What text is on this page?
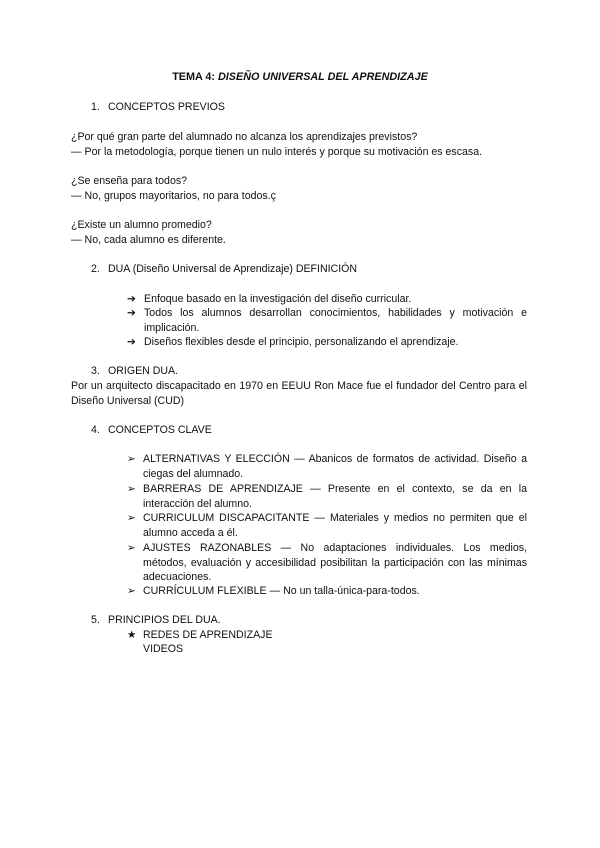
TEMA 4: DISEÑO UNIVERSAL DEL APRENDIZAJE
1. CONCEPTOS PREVIOS
¿Por qué gran parte del alumnado no alcanza los aprendizajes previstos?
— Por la metodología, porque tienen un nulo interés y porque su motivación es escasa.
¿Se enseña para todos?
— No, grupos mayoritarios, no para todos.ç
¿Existe un alumno promedio?
— No, cada alumno es diferente.
2. DUA (Diseño Universal de Aprendizaje) DEFINICIÓN
➔ Enfoque basado en la investigación del diseño curricular.
➔ Todos los alumnos desarrollan conocimientos, habilidades y motivación e implicación.
➔ Diseños flexibles desde el principio, personalizando el aprendizaje.
3. ORIGEN DUA.
Por un arquitecto discapacitado en 1970 en EEUU Ron Mace fue el fundador del Centro para el Diseño Universal (CUD)
4. CONCEPTOS CLAVE
➢ ALTERNATIVAS Y ELECCIÓN — Abanicos de formatos de actividad. Diseño a ciegas del alumnado.
➢ BARRERAS DE APRENDIZAJE — Presente en el contexto, se da en la interacción del alumno.
➢ CURRICULUM DISCAPACITANTE — Materiales y medios no permiten que el alumno acceda a él.
➢ AJUSTES RAZONABLES — No adaptaciones individuales. Los medios, métodos, evaluación y accesibilidad posibilitan la participación con las mínimas adecuaciones.
➢ CURRÍCULUM FLEXIBLE — No un talla-única-para-todos.
5. PRINCIPIOS DEL DUA.
★ REDES DE APRENDIZAJE
VIDEOS
